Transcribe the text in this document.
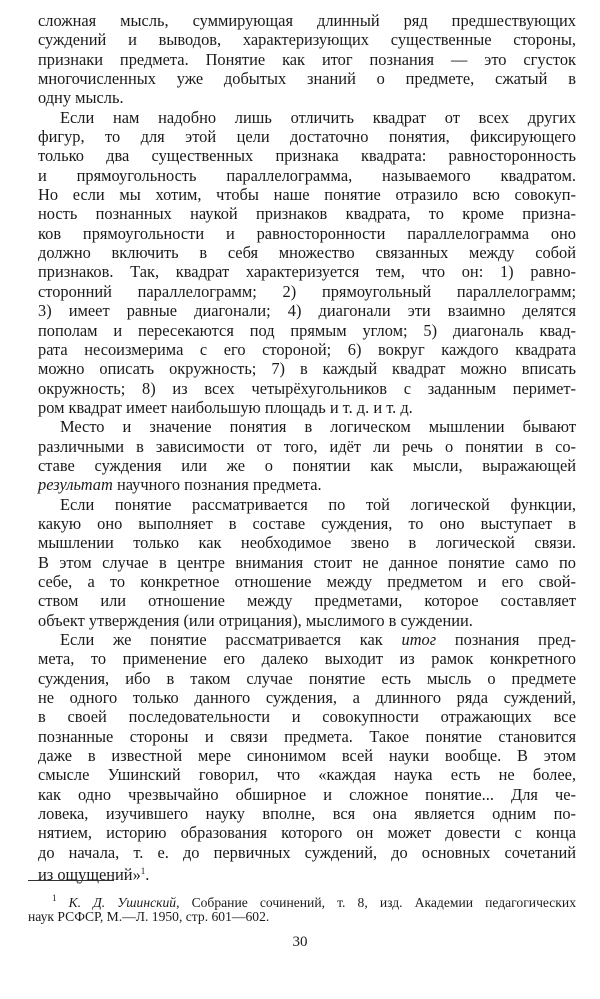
сложная мысль, суммирующая длинный ряд предшествующих
суждений и выводов, характеризующих существенные стороны,
признаки предмета. Понятие как итог познания — это сгусток
многочисленных уже добытых знаний о предмете, сжатый в
одну мысль.
Если нам надобно лишь отличить квадрат от всех других
фигур, то для этой цели достаточно понятия, фиксирующего
только два существенных признака квадрата: равносторонность
и прямоугольность параллелограмма, называемого квадратом.
Но если мы хотим, чтобы наше понятие отразило всю совокуп-
ность познанных наукой признаков квадрата, то кроме призна-
ков прямоугольности и равносторонности параллелограмма оно
должно включить в себя множество связанных между собой
признаков. Так, квадрат характеризуется тем, что он: 1) равно-
сторонний параллелограмм; 2) прямоугольный параллелограмм;
3) имеет равные диагонали; 4) диагонали эти взаимно делятся
пополам и пересекаются под прямым углом; 5) диагональ квад-
рата несоизмерима с его стороной; 6) вокруг каждого квадрата
можно описать окружность; 7) в каждый квадрат можно вписать
окружность; 8) из всех четырёхугольников с заданным перимет-
ром квадрат имеет наибольшую площадь и т. д. и т. д.
Место и значение понятия в логическом мышлении бывают
различными в зависимости от того, идёт ли речь о понятии в со-
ставе суждения или же о понятии как мысли, выражающей
результат научного познания предмета.
Если понятие рассматривается по той логической функции,
какую оно выполняет в составе суждения, то оно выступает в
мышлении только как необходимое звено в логической связи.
В этом случае в центре внимания стоит не данное понятие само по
себе, а то конкретное отношение между предметом и его свой-
ством или отношение между предметами, которое составляет
объект утверждения (или отрицания), мыслимого в суждении.
Если же понятие рассматривается как итог познания пред-
мета, то применение его далеко выходит из рамок конкретного
суждения, ибо в таком случае понятие есть мысль о предмете
не одного только данного суждения, а длинного ряда суждений,
в своей последовательности и совокупности отражающих все
познанные стороны и связи предмета. Такое понятие становится
даже в известной мере синонимом всей науки вообще. В этом
смысле Ушинский говорил, что «каждая наука есть не более,
как одно чрезвычайно обширное и сложное понятие... Для че-
ловека, изучившего науку вполне, вся она является одним по-
нятием, историю образования которого он может довести с конца
до начала, т. е. до первичных суждений, до основных сочетаний
из ощущений»$^1$.
$^1$ К. Д. Ушинский, Собрание сочинений, т. 8, изд. Академии педагогических
наук РСФСР, М.—Л. 1950, стр. 601—602.
30
